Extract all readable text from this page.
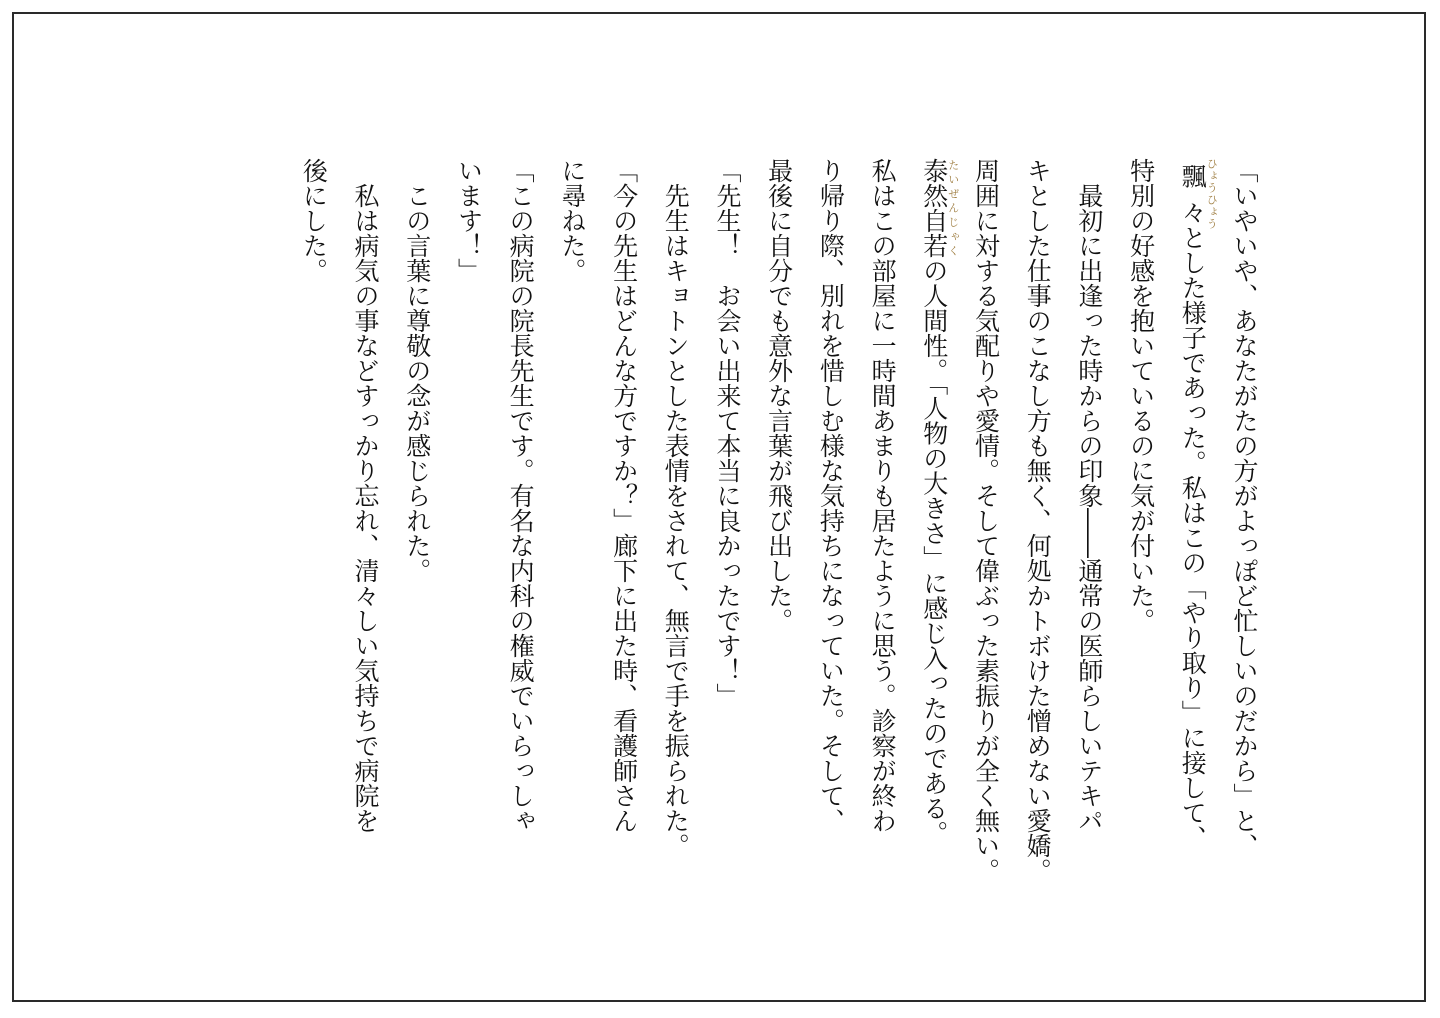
「いやいや、あなたがたの方がよっぽど忙しいのだから」と、

飄々ひょうひょうとした様子であった。私はこの「やり取り」に接して、

特別の好感を抱いているのに気が付いた。

　最初に出逢った時からの印象――通常の医師らしいテキパ

キとした仕事のこなし方も無く、何処かトボけた憎めない愛嬌。

周囲に対する気配りや愛情。そして偉ぶった素振りが全く無い。

泰然自若たいぜんじゃくの人間性。「人物の大きさ」に感じ入ったのである。

私はこの部屋に一時間あまりも居たように思う。診察が終わ

り帰り際、別れを惜しむ様な気持ちになっていた。そして、

最後に自分でも意外な言葉が飛び出した。

「先生！　お会い出来て本当に良かったです！」

　先生はキョトンとした表情をされて、無言で手を振られた。

「今の先生はどんな方ですか？」廊下に出た時、看護師さん

に尋ねた。

「この病院の院長先生です。有名な内科の権威でいらっしゃ

います！」

　この言葉に尊敬の念が感じられた。

　私は病気の事などすっかり忘れ、清々しい気持ちで病院を

後にした。
